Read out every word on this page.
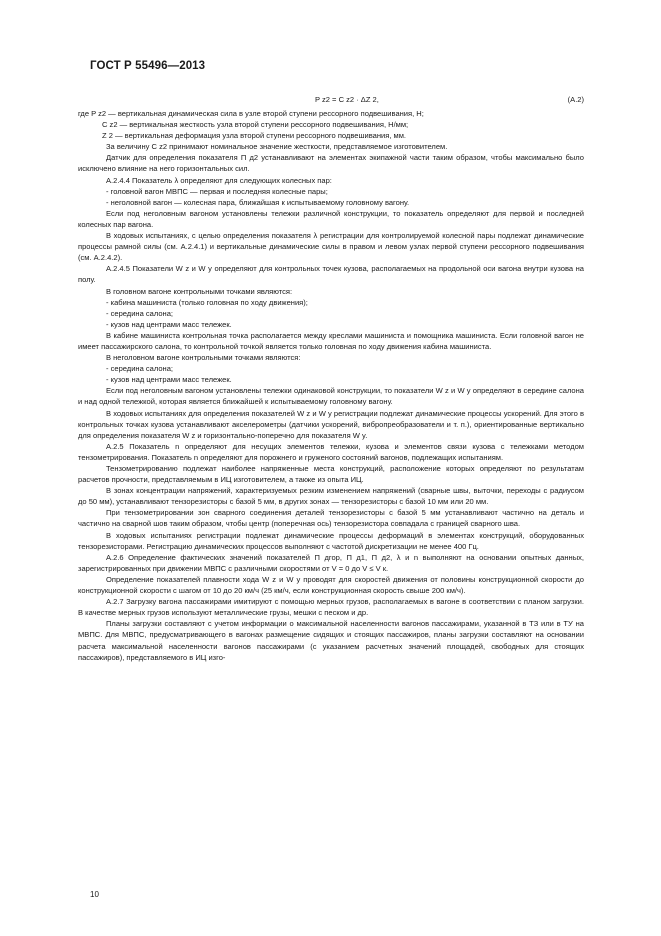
ГОСТ Р 55496—2013
P z2 = C z2 · ΔZ 2,	(А.2)

где P z2 — вертикальная динамическая сила в узле второй ступени рессорного подвешивания, Н;

C z2 — вертикальная жесткость узла второй ступени рессорного подвешивания, Н/мм;

Z 2 — вертикальная деформация узла второй ступени рессорного подвешивания, мм.

За величину C z2 принимают номинальное значение жесткости, представляемое изготовителем.

Датчик для определения показателя П д2 устанавливают на элементах экипажной части таким образом, чтобы максимально было исключено влияние на него горизонтальных сил.

А.2.4.4 Показатель λ определяют для следующих колесных пар:

- головной вагон МВПС — первая и последняя колесные пары;

- неголовной вагон — колесная пара, ближайшая к испытываемому головному вагону.

Если под неголовным вагоном установлены тележки различной конструкции, то показатель определяют для первой и последней колесных пар вагона.

В ходовых испытаниях, с целью определения показателя λ регистрации для контролируемой колесной пары подлежат динамические процессы рамной силы (см. А.2.4.1) и вертикальные динамические силы в правом и левом узлах первой ступени рессорного подвешивания (см. А.2.4.2).

А.2.4.5 Показатели W z и W y определяют для контрольных точек кузова, располагаемых на продольной оси вагона внутри кузова на полу.

В головном вагоне контрольными точками являются:

- кабина машиниста (только головная по ходу движения);

- середина салона;

- кузов над центрами масс тележек.

В кабине машиниста контрольная точка располагается между креслами машиниста и помощника машиниста. Если головной вагон не имеет пассажирского салона, то контрольной точкой является только головная по ходу движения кабина машиниста.

В неголовном вагоне контрольными точками являются:

- середина салона;

- кузов над центрами масс тележек.

Если под неголовным вагоном установлены тележки одинаковой конструкции, то показатели W z и W y определяют в середине салона и над одной тележкой, которая является ближайшей к испытываемому головному вагону.

В ходовых испытаниях для определения показателей W z и W y регистрации подлежат динамические процессы ускорений. Для этого в контрольных точках кузова устанавливают акселерометры (датчики ускорений, вибропреобразователи и т. п.), ориентированные вертикально для определения показателя W z и горизонтально-поперечно для показателя W y.

А.2.5 Показатель n определяют для несущих элементов тележки, кузова и элементов связи кузова с тележками методом тензометрирования. Показатель n определяют для порожнего и груженого состояний вагонов, подлежащих испытаниям.

Тензометрированию подлежат наиболее напряженные места конструкций, расположение которых определяют по результатам расчетов прочности, представляемым в ИЦ изготовителем, а также из опыта ИЦ.

В зонах концентрации напряжений, характеризуемых резким изменением напряжений (сварные швы, выточки, переходы с радиусом до 50 мм), устанавливают тензорезисторы с базой 5 мм, в других зонах — тензорезисторы с базой 10 мм или 20 мм.

При тензометрировании зон сварного соединения деталей тензорезисторы с базой 5 мм устанавливают частично на деталь и частично на сварной шов таким образом, чтобы центр (поперечная ось) тензорезистора совпадала с границей сварного шва.

В ходовых испытаниях регистрации подлежат динамические процессы деформаций в элементах конструкций, оборудованных тензорезисторами. Регистрацию динамических процессов выполняют с частотой дискретизации не менее 400 Гц.

А.2.6 Определение фактических значений показателей П дгор, П д1, П д2, λ и n выполняют на основании опытных данных, зарегистрированных при движении МВПС с различными скоростями от V = 0 до V ≤ V к.

Определение показателей плавности хода W z и W y проводят для скоростей движения от половины конструкционной скорости до конструкционной скорости с шагом от 10 до 20 км/ч (25 км/ч, если конструкционная скорость свыше 200 км/ч).

А.2.7 Загрузку вагона пассажирами имитируют с помощью мерных грузов, располагаемых в вагоне в соответствии с планом загрузки. В качестве мерных грузов используют металлические грузы, мешки с песком и др.

Планы загрузки составляют с учетом информации о максимальной населенности вагонов пассажирами, указанной в ТЗ или в ТУ на МВПС. Для МВПС, предусматривающего в вагонах размещение сидящих и стоящих пассажиров, планы загрузки составляют на основании расчета максимальной населенности вагонов пассажирами (с указанием расчетных значений площадей, свободных для стоящих пассажиров), представляемого в ИЦ изго-

10
